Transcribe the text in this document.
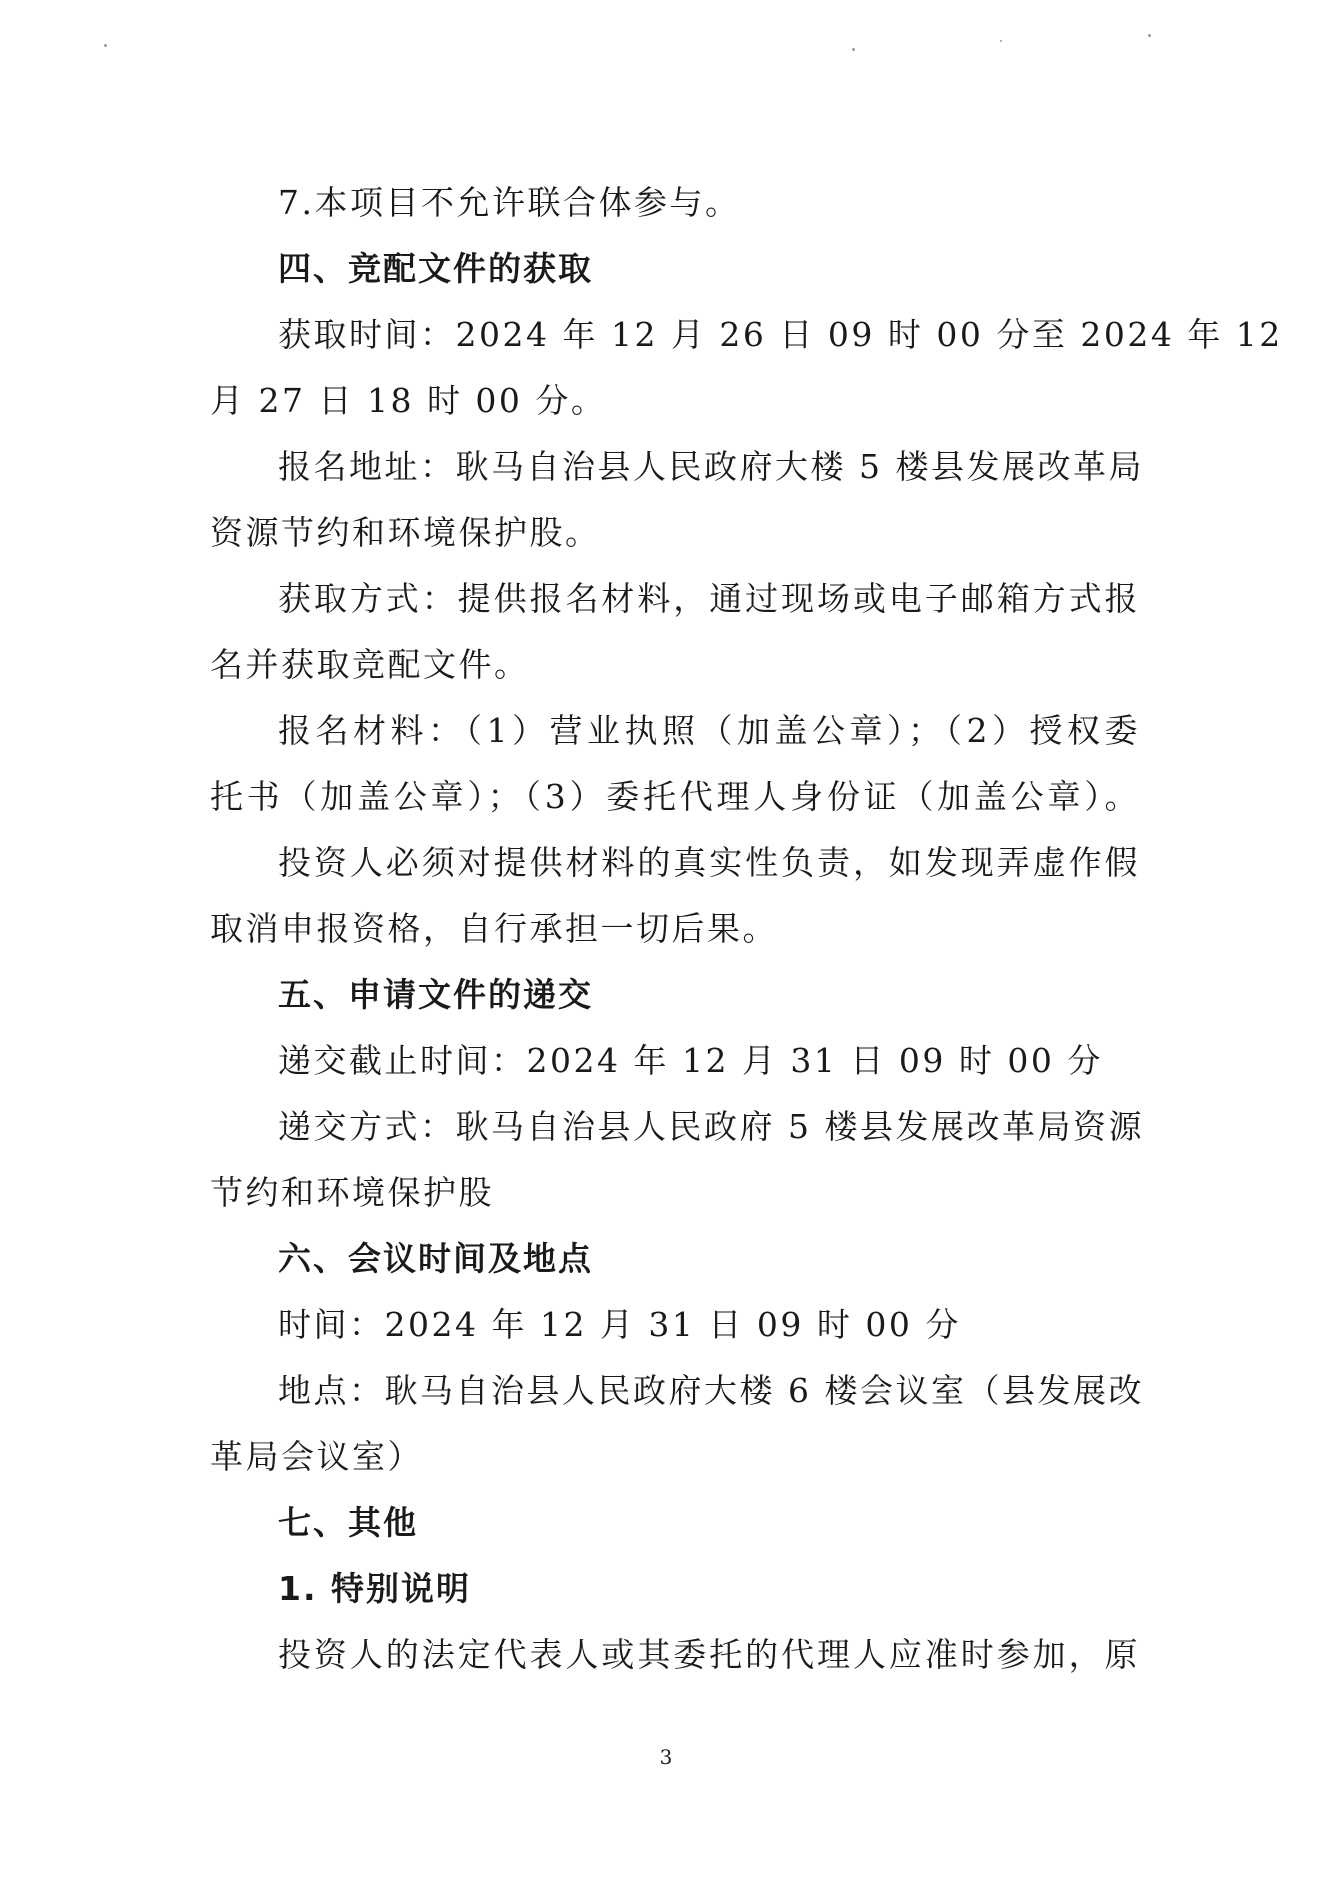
7.本项目不允许联合体参与。
四、竞配文件的获取
获取时间：2024 年 12 月 26 日 09 时 00 分至 2024 年 12
月 27 日 18 时 00 分。
报名地址：耿马自治县人民政府大楼 5 楼县发展改革局
资源节约和环境保护股。
获取方式：提供报名材料，通过现场或电子邮箱方式报
名并获取竞配文件。
报名材料：（1）营业执照（加盖公章）；（2）授权委
托书（加盖公章）；（3）委托代理人身份证（加盖公章）。
投资人必须对提供材料的真实性负责，如发现弄虚作假
取消申报资格，自行承担一切后果。
五、申请文件的递交
递交截止时间：2024 年 12 月 31 日 09 时 00 分
递交方式：耿马自治县人民政府 5 楼县发展改革局资源
节约和环境保护股
六、会议时间及地点
时间：2024 年 12 月 31 日 09 时 00 分
地点：耿马自治县人民政府大楼 6 楼会议室（县发展改
革局会议室）
七、其他
1. 特别说明
投资人的法定代表人或其委托的代理人应准时参加，原
3
